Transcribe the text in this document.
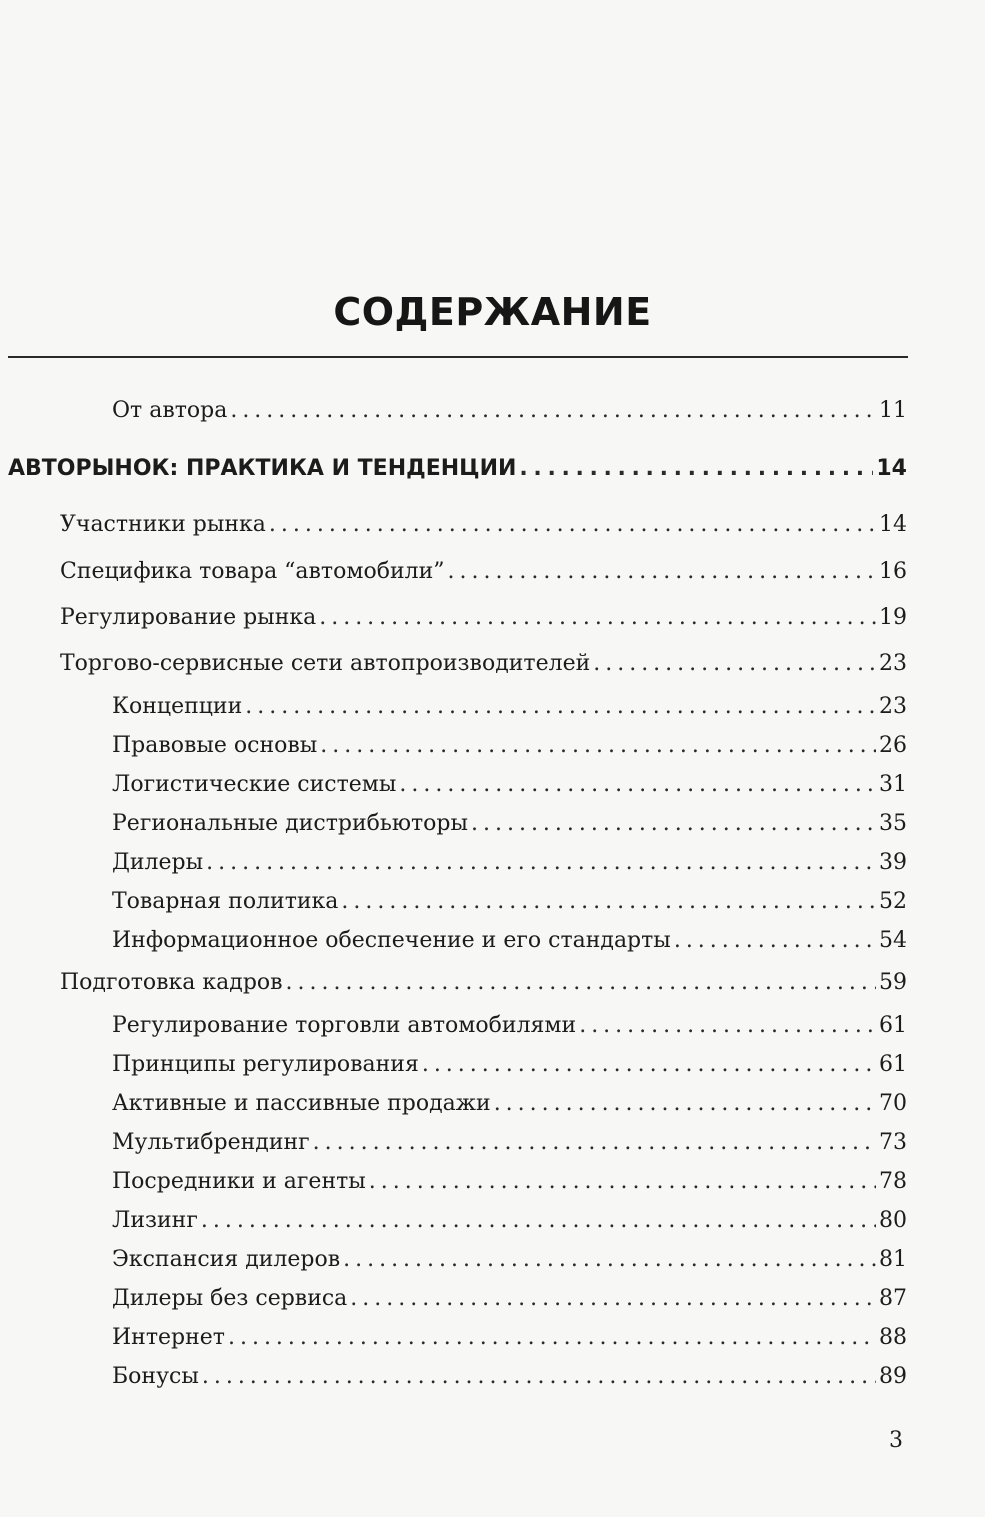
СОДЕРЖАНИЕ
От автора . . .	11
АВТОРЫНОК: ПРАКТИКА И ТЕНДЕНЦИИ . . .	14
Участники рынка . . .	14
Специфика товара “автомобили” . . .	16
Регулирование рынка . . .	19
Торгово-сервисные сети автопроизводителей . . .	23
Концепции . . .	23
Правовые основы . . .	26
Логистические системы . . .	31
Региональные дистрибьюторы . . .	35
Дилеры . . .	39
Товарная политика . . .	52
Информационное обеспечение и его стандарты . . .	54
Подготовка кадров . . .	59
Регулирование торговли автомобилями . . .	61
Принципы регулирования . . .	61
Активные и пассивные продажи . . .	70
Мультибрендинг . . .	73
Посредники и агенты . . .	78
Лизинг . . .	80
Экспансия дилеров . . .	81
Дилеры без сервиса . . .	87
Интернет . . .	88
Бонусы . . .	89
3
